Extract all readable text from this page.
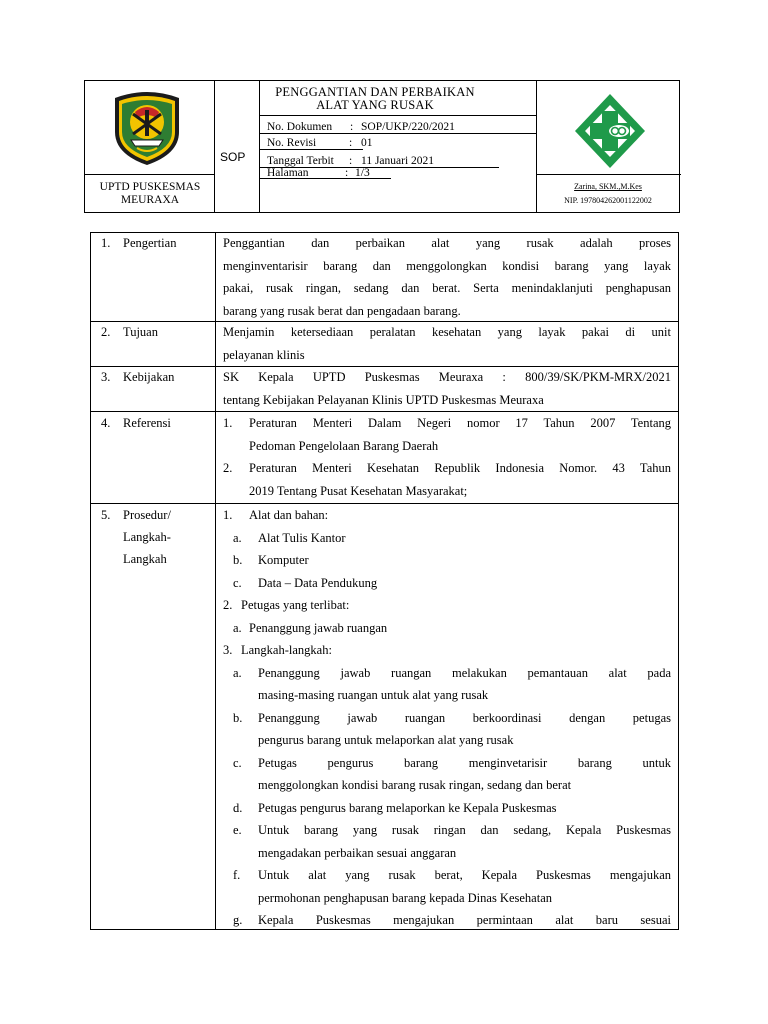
UPTD PUSKESMAS
MEURAXA
SOP
PENGGANTIAN DAN PERBAIKAN
ALAT YANG RUSAK
No. Dokumen : SOP/UKP/220/2021
No. Revisi	: 01
Tanggal Terbit : 11 Januari 2021
Halaman	: 1/3
Zarina, SKM.,M.Kes
NIP. 197804262001122002
1. Pengertian	Penggantian dan perbaikan alat yang rusak adalah proses
menginventarisir barang dan menggolongkan kondisi barang yang layak
pakai, rusak ringan, sedang dan berat. Serta menindaklanjuti penghapusan
barang yang rusak berat dan pengadaan barang.
2. Tujuan	Menjamin ketersediaan peralatan kesehatan yang layak pakai di unit
pelayanan klinis
3. Kebijakan	SK Kepala UPTD Puskesmas Meuraxa : 800/39/SK/PKM-MRX/2021
tentang Kebijakan Pelayanan Klinis UPTD Puskesmas Meuraxa
4. Referensi	1.	Peraturan Menteri Dalam Negeri nomor 17 Tahun 2007 Tentang
Pedoman Pengelolaan Barang Daerah
2.	Peraturan Menteri Kesehatan Republik Indonesia Nomor. 43 Tahun
2019 Tentang Pusat Kesehatan Masyarakat;
5. Prosedur/
Langkah-
Langkah
1.	Alat dan bahan:
a.	Alat Tulis Kantor
b.	Komputer
c.	Data – Data Pendukung
2. Petugas yang terlibat:
a. Penanggung jawab ruangan
3. Langkah-langkah:
a.	Penanggung jawab ruangan melakukan pemantauan alat pada
masing-masing ruangan untuk alat yang rusak
b.	Penanggung jawab ruangan berkoordinasi dengan petugas
pengurus barang untuk melaporkan alat yang rusak
c.	Petugas pengurus barang menginvetarisir barang untuk
menggolongkan kondisi barang rusak ringan, sedang dan berat
d.	Petugas pengurus barang melaporkan ke Kepala Puskesmas
e.	Untuk barang yang rusak ringan dan sedang, Kepala Puskesmas
mengadakan perbaikan sesuai anggaran
f.	Untuk alat yang rusak berat, Kepala Puskesmas mengajukan
permohonan penghapusan barang kepada Dinas Kesehatan
g.	Kepala Puskesmas mengajukan permintaan alat baru sesuai
